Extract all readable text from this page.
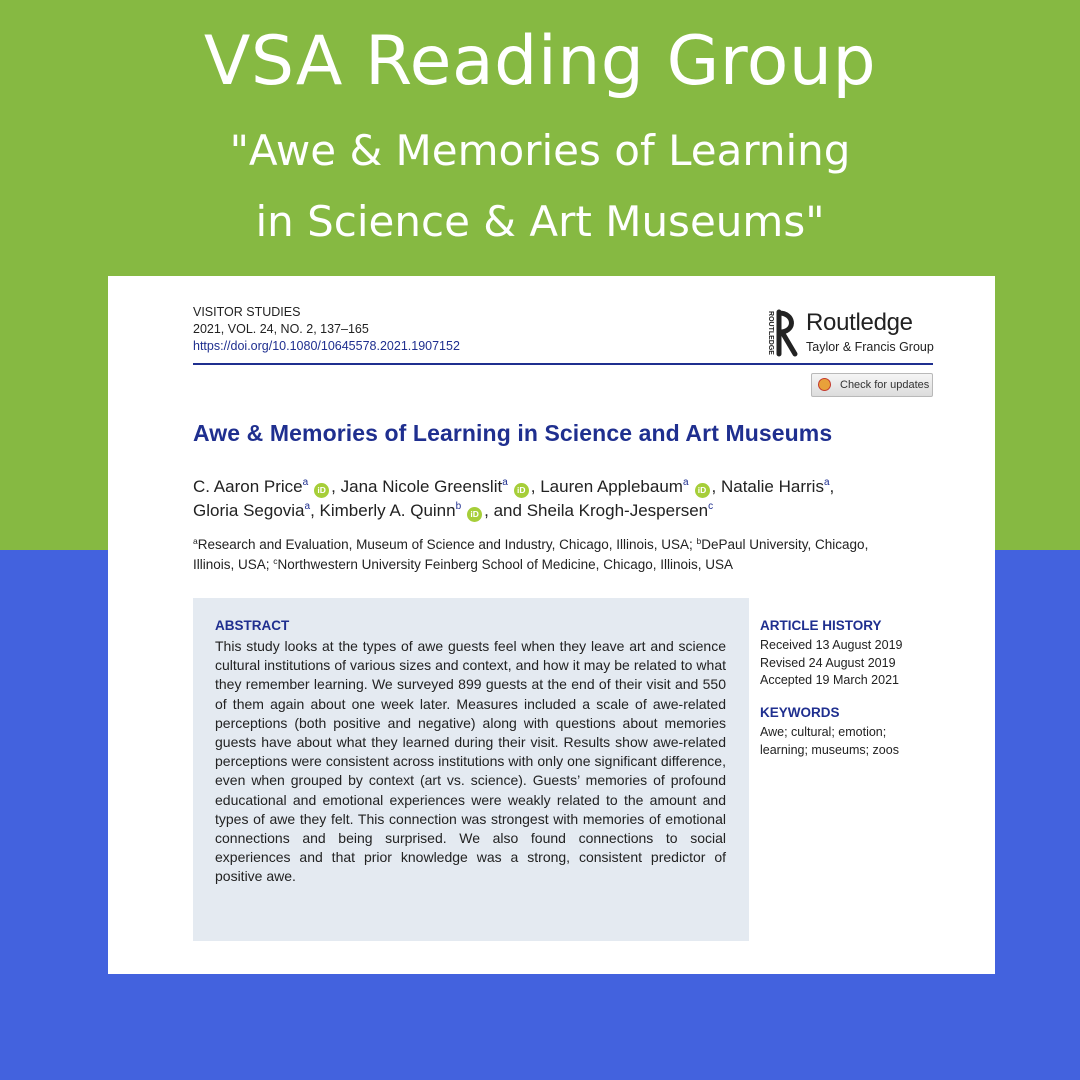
VSA Reading Group
"Awe & Memories of Learning
in Science & Art Museums"
VISITOR STUDIES
2021, VOL. 24, NO. 2, 137–165
https://doi.org/10.1080/10645578.2021.1907152	ROUTLEDGE Routledge
Taylor & Francis Group
Check for updates
Awe & Memories of Learning in Science and Art Museums
C. Aaron Price$^a$iD , Jana Nicole Greenslit$^a$iD , Lauren Applebaum$^a$iD , Natalie Harris$^a$, Gloria Segovia$^a$, Kimberly A. Quinn$^b$iD , and Sheila Krogh-Jespersen$^c$
$^a$Research and Evaluation, Museum of Science and Industry, Chicago, Illinois, USA; $^b$DePaul University, Chicago, Illinois, USA; $^c$Northwestern University Feinberg School of Medicine, Chicago, Illinois, USA
ABSTRACT
This study looks at the types of awe guests feel when they leave art and science cultural institutions of various sizes and context, and how it may be related to what they remember learning. We surveyed 899 guests at the end of their visit and 550 of them again about one week later. Measures included a scale of awe-related perceptions (both positive and negative) along with questions about memories guests have about what they learned during their visit. Results show awe-related perceptions were consistent across institutions with only one significant difference, even when grouped by context (art vs. science). Guests’ memories of profound educational and emotional experiences were weakly related to the amount and types of awe they felt. This connection was strongest with memories of emotional connections and being surprised. We also found connections to social experiences and that prior knowledge was a strong, consistent predictor of positive awe.
ARTICLE HISTORY
Received 13 August 2019
Revised 24 August 2019
Accepted 19 March 2021
KEYWORDS
Awe; cultural; emotion; learning; museums; zoos
